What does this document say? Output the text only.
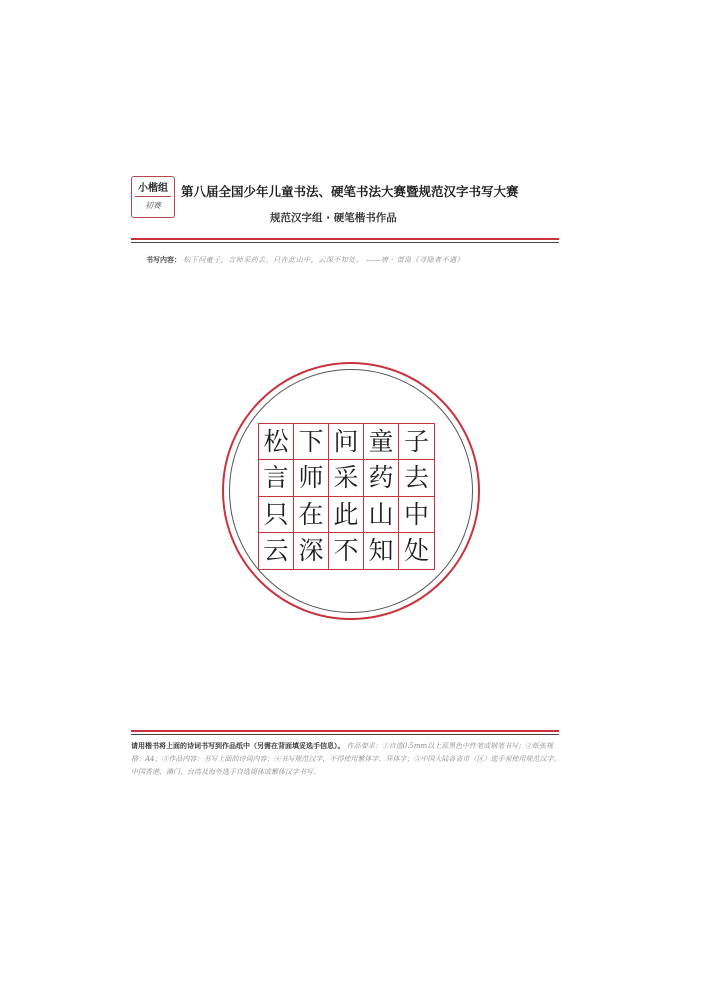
小楷组
初赛
第八届全国少年儿童书法、硬笔书法大赛暨规范汉字书写大赛
规范汉字组 · 硬笔楷书作品
书写内容： 松下问童子，言师采药去。只在此山中，云深不知处。 ——唐 · 贾岛《寻隐者不遇》
松 下 问 童 子
言 师 采 药 去
只 在 此 山 中
云 深 不 知 处
请用楷书将上面的诗词书写到作品纸中（另需在背面填妥选手信息）。 作品要求：①自选0.5mm以上蓝黑色中性笔或钢笔书写；②纸张规格：A4；③作品内容：书写上面的诗词内容；④书写规范汉字，不得使用繁体字、异体字；⑤中国大陆各省市（区）选手须使用规范汉字。
中国香港、澳门、台湾及海外选手自选简体或繁体汉字书写。
